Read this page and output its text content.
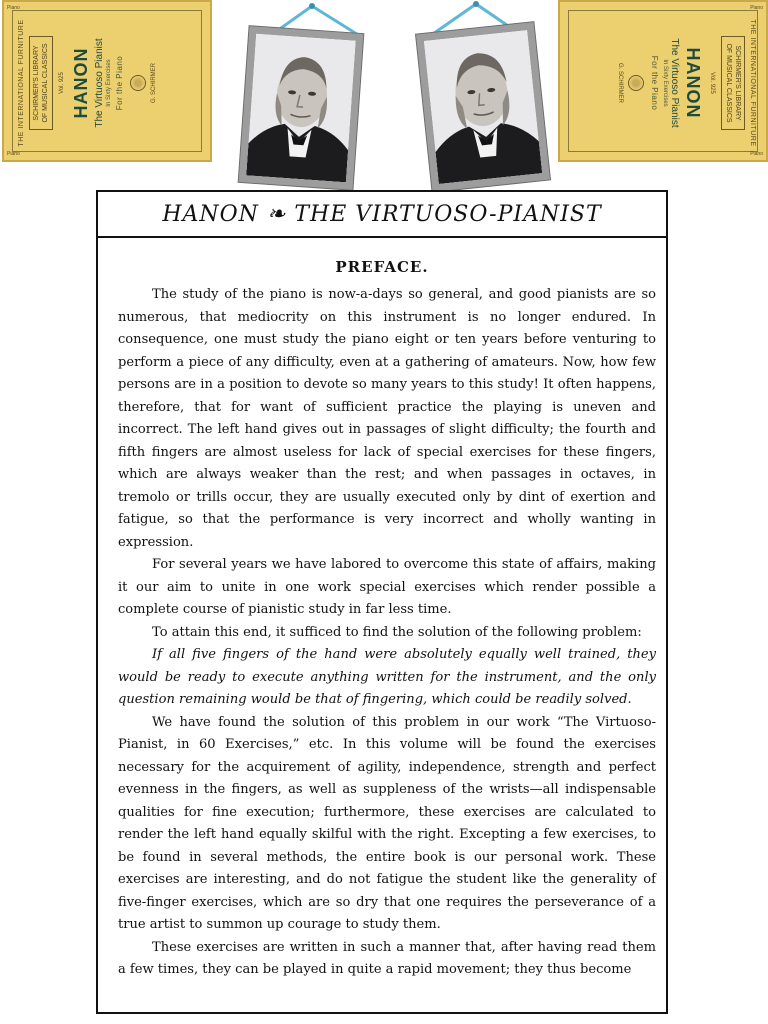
THE INTERNATIONAL FURNITURE SCHIRMER'S LIBRARY OF MUSICAL CLASSICS Vol. 925 HANON The Virtuoso Pianist In Sixty Exercises For the Piano	G. SCHIRMER
Piano
Piano
THE INTERNATIONAL FURNITURE
SCHIRMER'S LIBRARY
OF MUSICAL CLASSICS
Vol. 925
HANON
The Virtuoso Pianist
In Sixty Exercises
For the Piano
G. SCHIRMER
Piano
Piano
HANON ❧ THE VIRTUOSO-PIANIST
PREFACE.

The study of the piano is now-a-days so general, and good pianists are so numerous, that mediocrity on this instrument is no longer endured. In consequence, one must study the piano eight or ten years before venturing to perform a piece of any difficulty, even at a gathering of amateurs. Now, how few persons are in a position to devote so many years to this study! It often happens, therefore, that for want of sufficient practice the playing is uneven and incorrect. The left hand gives out in passages of slight difficulty; the fourth and fifth fingers are almost useless for lack of special exercises for these fingers, which are always weaker than the rest; and when passages in octaves, in tremolo or trills occur, they are usually executed only by dint of exertion and fatigue, so that the performance is very incorrect and wholly wanting in expression.

For several years we have labored to overcome this state of affairs, making it our aim to unite in one work special exercises which render possible a complete course of pianistic study in far less time.

To attain this end, it sufficed to find the solution of the following problem:

If all five fingers of the hand were absolutely equally well trained, they would be ready to execute anything written for the instrument, and the only question remaining would be that of fingering, which could be readily solved.

We have found the solution of this problem in our work “The Virtuoso-Pianist, in 60 Exercises,” etc. In this volume will be found the exercises necessary for the acquirement of agility, independence, strength and perfect evenness in the fingers, as well as suppleness of the wrists—all indispensable qualities for fine execution; furthermore, these exercises are calculated to render the left hand equally skilful with the right. Excepting a few exercises, to be found in several methods, the entire book is our personal work. These exercises are interesting, and do not fatigue the student like the generality of five-finger exercises, which are so dry that one requires the perseverance of a true artist to summon up courage to study them.

These exercises are written in such a manner that, after having read them a few times, they can be played in quite a rapid movement; they thus become
